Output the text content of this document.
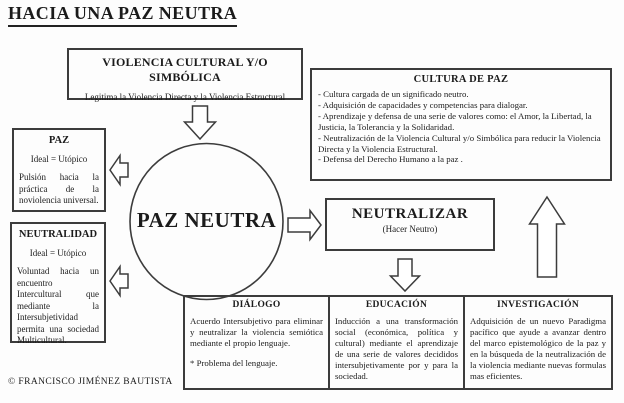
HACIA UNA PAZ NEUTRA
VIOLENCIA CULTURAL Y/O SIMBÓLICA
Legitima la Violencia Directa y la Violencia Estructural
CULTURA DE PAZ
- Cultura cargada de un significado neutro.
- Adquisición de capacidades y competencias para dialogar.
- Aprendizaje y defensa de una serie de valores como: el Amor, la Libertad, la Justicia, la Tolerancia y la Solidaridad.
- Neutralización de la Violencia Cultural y/o Simbólica para reducir la Violencia Directa y la Violencia Estructural.
- Defensa del Derecho Humano a la paz .
PAZ
Ideal = Utópico
Pulsión hacia la práctica de la noviolencia universal.
NEUTRALIDAD
Ideal = Utópico
Voluntad hacia un encuentro Intercultural que mediante la Intersubjetividad permita una sociedad Multicultural.
PAZ NEUTRA	NEUTRALIZAR
(Hacer Neutro)
DIÁLOGO
Acuerdo Intersubjetivo para eliminar y neutralizar la violencia semiótica mediante el propio lenguaje.
* Problema del lenguaje.
EDUCACIÓN
Inducción a una transformación social (económica, política y cultural) mediante el aprendizaje de una serie de valores decididos intersubjetivamente por y para la sociedad.
INVESTIGACIÓN
Adquisición de un nuevo Paradigma pacífico que ayude a avanzar dentro del marco epistemológico de la paz y en la búsqueda de la neutralización de la violencia mediante nuevas formulas mas eficientes.
© FRANCISCO JIMÉNEZ BAUTISTA
